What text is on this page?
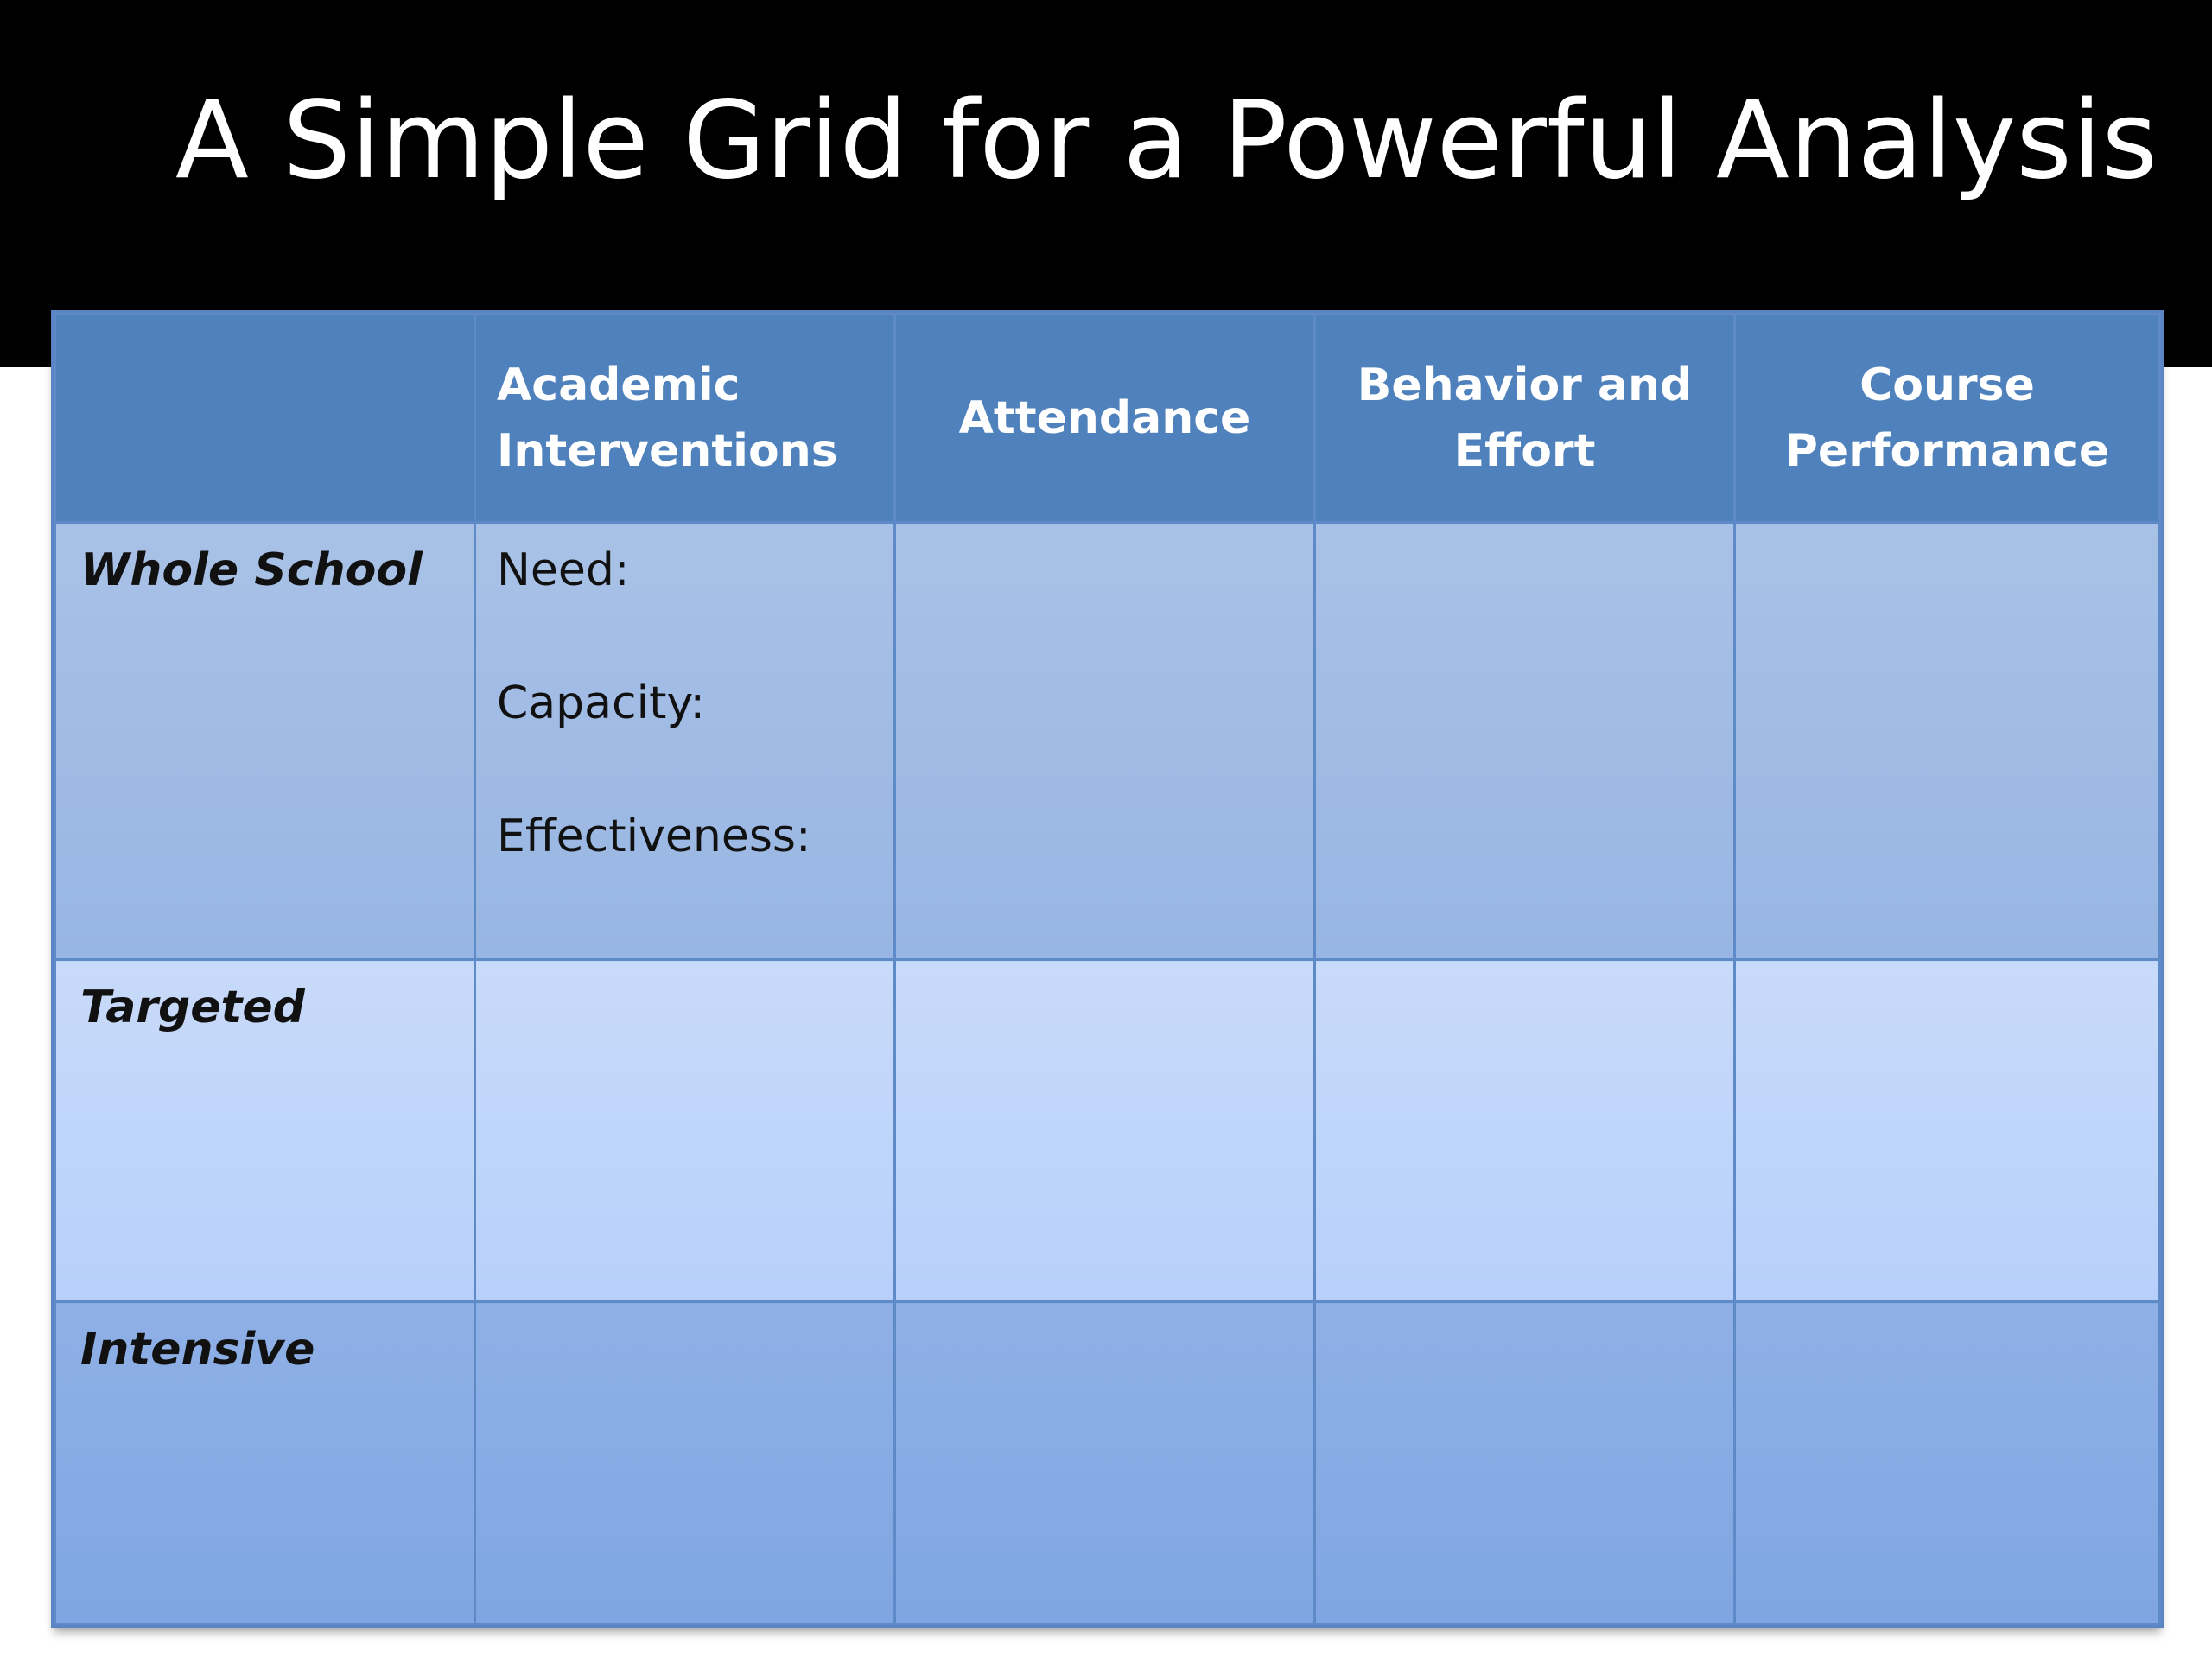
A Simple Grid for a Powerful Analysis
	Academic Interventions	Attendance	Behavior and Effort	Course Performance
Whole School	Need:
Capacity:
Effectiveness:			

Targeted				
Intensive				
